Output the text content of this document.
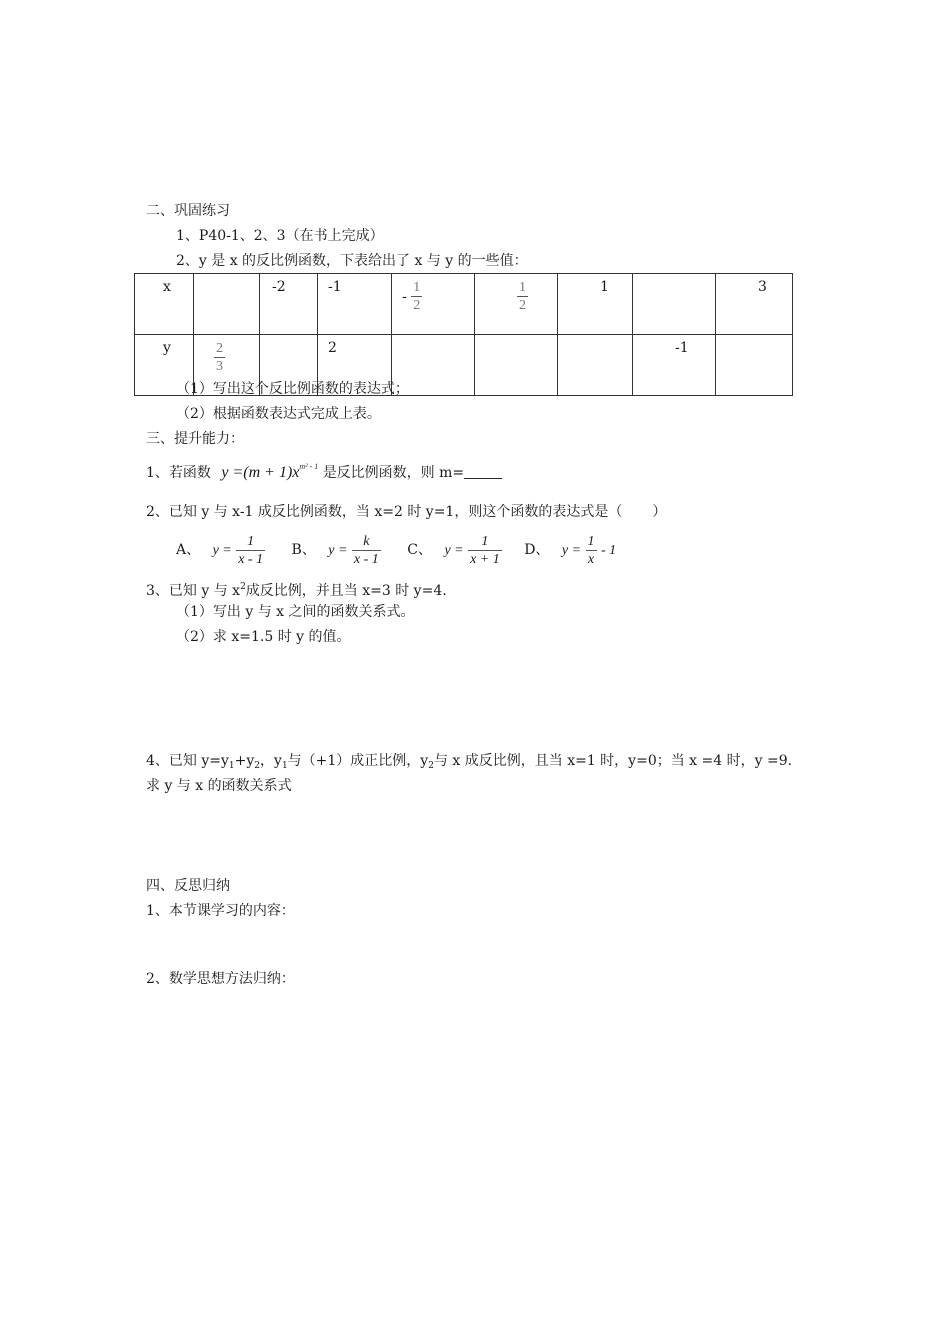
二、巩固练习
1、P40-1、2、3（在书上完成）
2、y 是 x 的反比例函数，下表给出了 x 与 y 的一些值：
x		-2	-1	- $\frac{1}{2}$	$\frac{1}{2}$	1		3
y	$\frac{2}{3}$		2				-1	
（1）写出这个反比例函数的表达式；
（2）根据函数表达式完成上表。
三、提升能力：
1、若函数 $y =(m + 1)x^{m^2 - 1}$ 是反比例函数，则 m=
2、已知 y 与 x-1 成反比例函数，当 x=2 时 y=1，则这个函数的表达式是（ ）
A、 $y = \frac{1}{x - 1}$ B、 $y = \frac{k}{x - 1}$ C、 $y = \frac{1}{x + 1}$ D、 $y = \frac{1}{x} - 1$
3、已知 y 与 $x^2$成反比例，并且当 x=3 时 y=4.
（1）写出 y 与 x 之间的函数关系式。
（2）求 x=1.5 时 y 的值。
4、已知 $y=y_1+y_2$，$y_1$与（+1）成正比例，$y_2$与 x 成反比例，且当 x=1 时，y=0；当 x =4 时，y =9.
求 y 与 x 的函数关系式
四、反思归纳
1、本节课学习的内容：
2、数学思想方法归纳：
